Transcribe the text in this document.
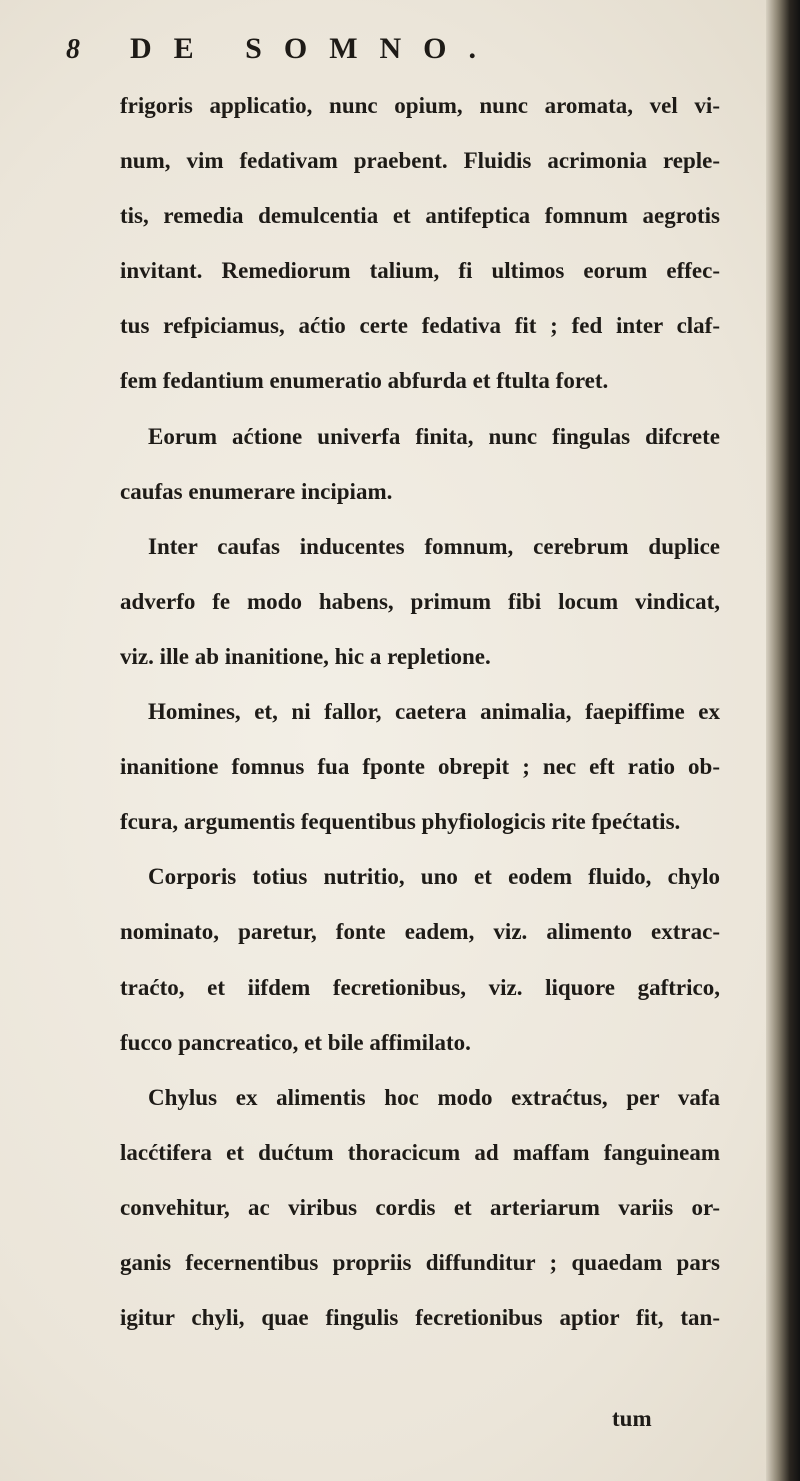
8 DE SOMNO.
frigoris applicatio, nunc opium, nunc aromata, vel vi-
num, vim fedativam praebent. Fluidis acrimonia reple-
tis, remedia demulcentia et antifeptica fomnum aegrotis
invitant. Remediorum talium, fi ultimos eorum effec-
tus refpiciamus, aćtio certe fedativa fit ; fed inter claf-
fem fedantium enumeratio abfurda et ftulta foret.
Eorum aćtione univerfa finita, nunc fingulas difcrete
caufas enumerare incipiam.
Inter caufas inducentes fomnum, cerebrum duplice
adverfo fe modo habens, primum fibi locum vindicat,
viz. ille ab inanitione, hic a repletione.
Homines, et, ni fallor, caetera animalia, faepiffime ex
inanitione fomnus fua fponte obrepit ; nec eft ratio ob-
fcura, argumentis fequentibus phyfiologicis rite fpećtatis.
Corporis totius nutritio, uno et eodem fluido, chylo
nominato, paretur, fonte eadem, viz. alimento extrac-
traćto, et iifdem fecretionibus, viz. liquore gaftrico,
fucco pancreatico, et bile affimilato.
Chylus ex alimentis hoc modo extraćtus, per vafa
lacćtifera et dućtum thoracicum ad maffam fanguineam
convehitur, ac viribus cordis et arteriarum variis or-
ganis fecernentibus propriis diffunditur ; quaedam pars
igitur chyli, quae fingulis fecretionibus aptior fit, tan-
tum
